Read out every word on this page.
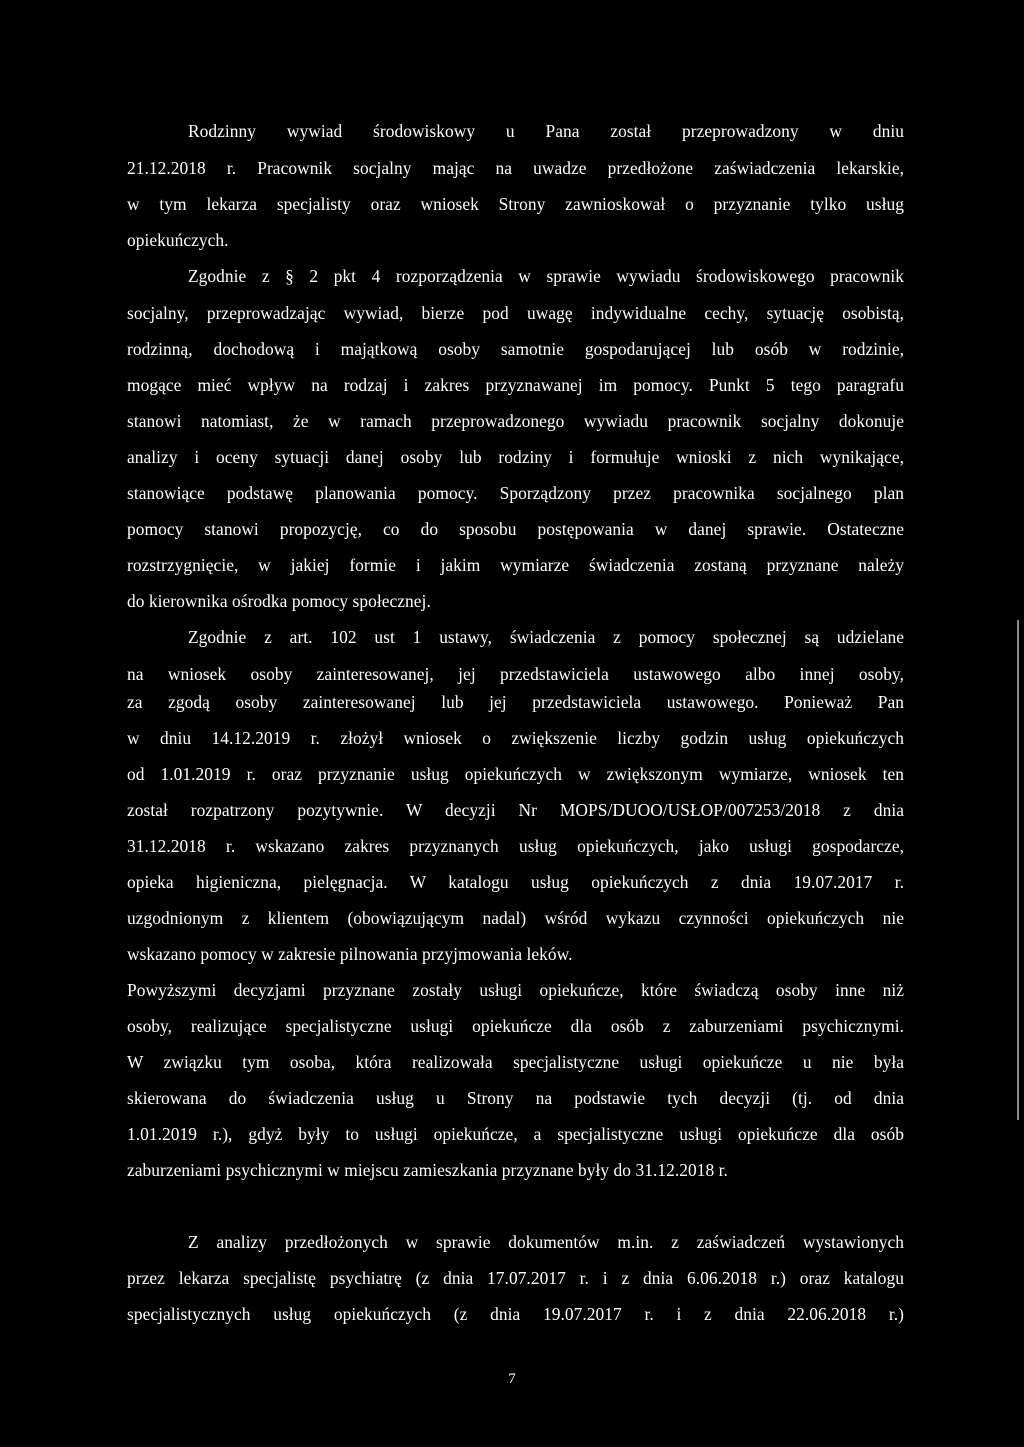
Rodzinny wywiad środowiskowy u Pana został przeprowadzony w dniu
21.12.2018 r. Pracownik socjalny mając na uwadze przedłożone zaświadczenia lekarskie,
w tym lekarza specjalisty oraz wniosek Strony zawnioskował o przyznanie tylko usług
opiekuńczych.
Zgodnie z § 2 pkt 4 rozporządzenia w sprawie wywiadu środowiskowego pracownik
socjalny, przeprowadzając wywiad, bierze pod uwagę indywidualne cechy, sytuację osobistą,
rodzinną, dochodową i majątkową osoby samotnie gospodarującej lub osób w rodzinie,
mogące mieć wpływ na rodzaj i zakres przyznawanej im pomocy. Punkt 5 tego paragrafu
stanowi natomiast, że w ramach przeprowadzonego wywiadu pracownik socjalny dokonuje
analizy i oceny sytuacji danej osoby lub rodziny i formułuje wnioski z nich wynikające,
stanowiące podstawę planowania pomocy. Sporządzony przez pracownika socjalnego plan
pomocy stanowi propozycję, co do sposobu postępowania w danej sprawie. Ostateczne
rozstrzygnięcie, w jakiej formie i jakim wymiarze świadczenia zostaną przyznane należy
do kierownika ośrodka pomocy społecznej.
Zgodnie z art. 102 ust 1 ustawy, świadczenia z pomocy społecznej są udzielane
na wniosek osoby zainteresowanej, jej przedstawiciela ustawowego albo innej osoby,
za zgodą osoby zainteresowanej lub jej przedstawiciela ustawowego. Ponieważ Pan
w dniu 14.12.2019 r. złożył wniosek o zwiększenie liczby godzin usług opiekuńczych
od 1.01.2019 r. oraz przyznanie usług opiekuńczych w zwiększonym wymiarze, wniosek ten
został rozpatrzony pozytywnie. W decyzji Nr MOPS/DUOO/USŁOP/007253/2018 z dnia
31.12.2018 r. wskazano zakres przyznanych usług opiekuńczych, jako usługi gospodarcze,
opieka higieniczna, pielęgnacja. W katalogu usług opiekuńczych z dnia 19.07.2017 r.
uzgodnionym z klientem (obowiązującym nadal) wśród wykazu czynności opiekuńczych nie
wskazano pomocy w zakresie pilnowania przyjmowania leków.
Powyższymi decyzjami przyznane zostały usługi opiekuńcze, które świadczą osoby inne niż
osoby, realizujące specjalistyczne usługi opiekuńcze dla osób z zaburzeniami psychicznymi.
W związku tym osoba, która realizowała specjalistyczne usługi opiekuńcze u nie była
skierowana do świadczenia usług u Strony na podstawie tych decyzji (tj. od dnia
1.01.2019 r.), gdyż były to usługi opiekuńcze, a specjalistyczne usługi opiekuńcze dla osób
zaburzeniami psychicznymi w miejscu zamieszkania przyznane były do 31.12.2018 r.
Z analizy przedłożonych w sprawie dokumentów m.in. z zaświadczeń wystawionych
przez lekarza specjalistę psychiatrę (z dnia 17.07.2017 r. i z dnia 6.06.2018 r.) oraz katalogu
specjalistycznych usług opiekuńczych (z dnia 19.07.2017 r. i z dnia 22.06.2018 r.)
7
